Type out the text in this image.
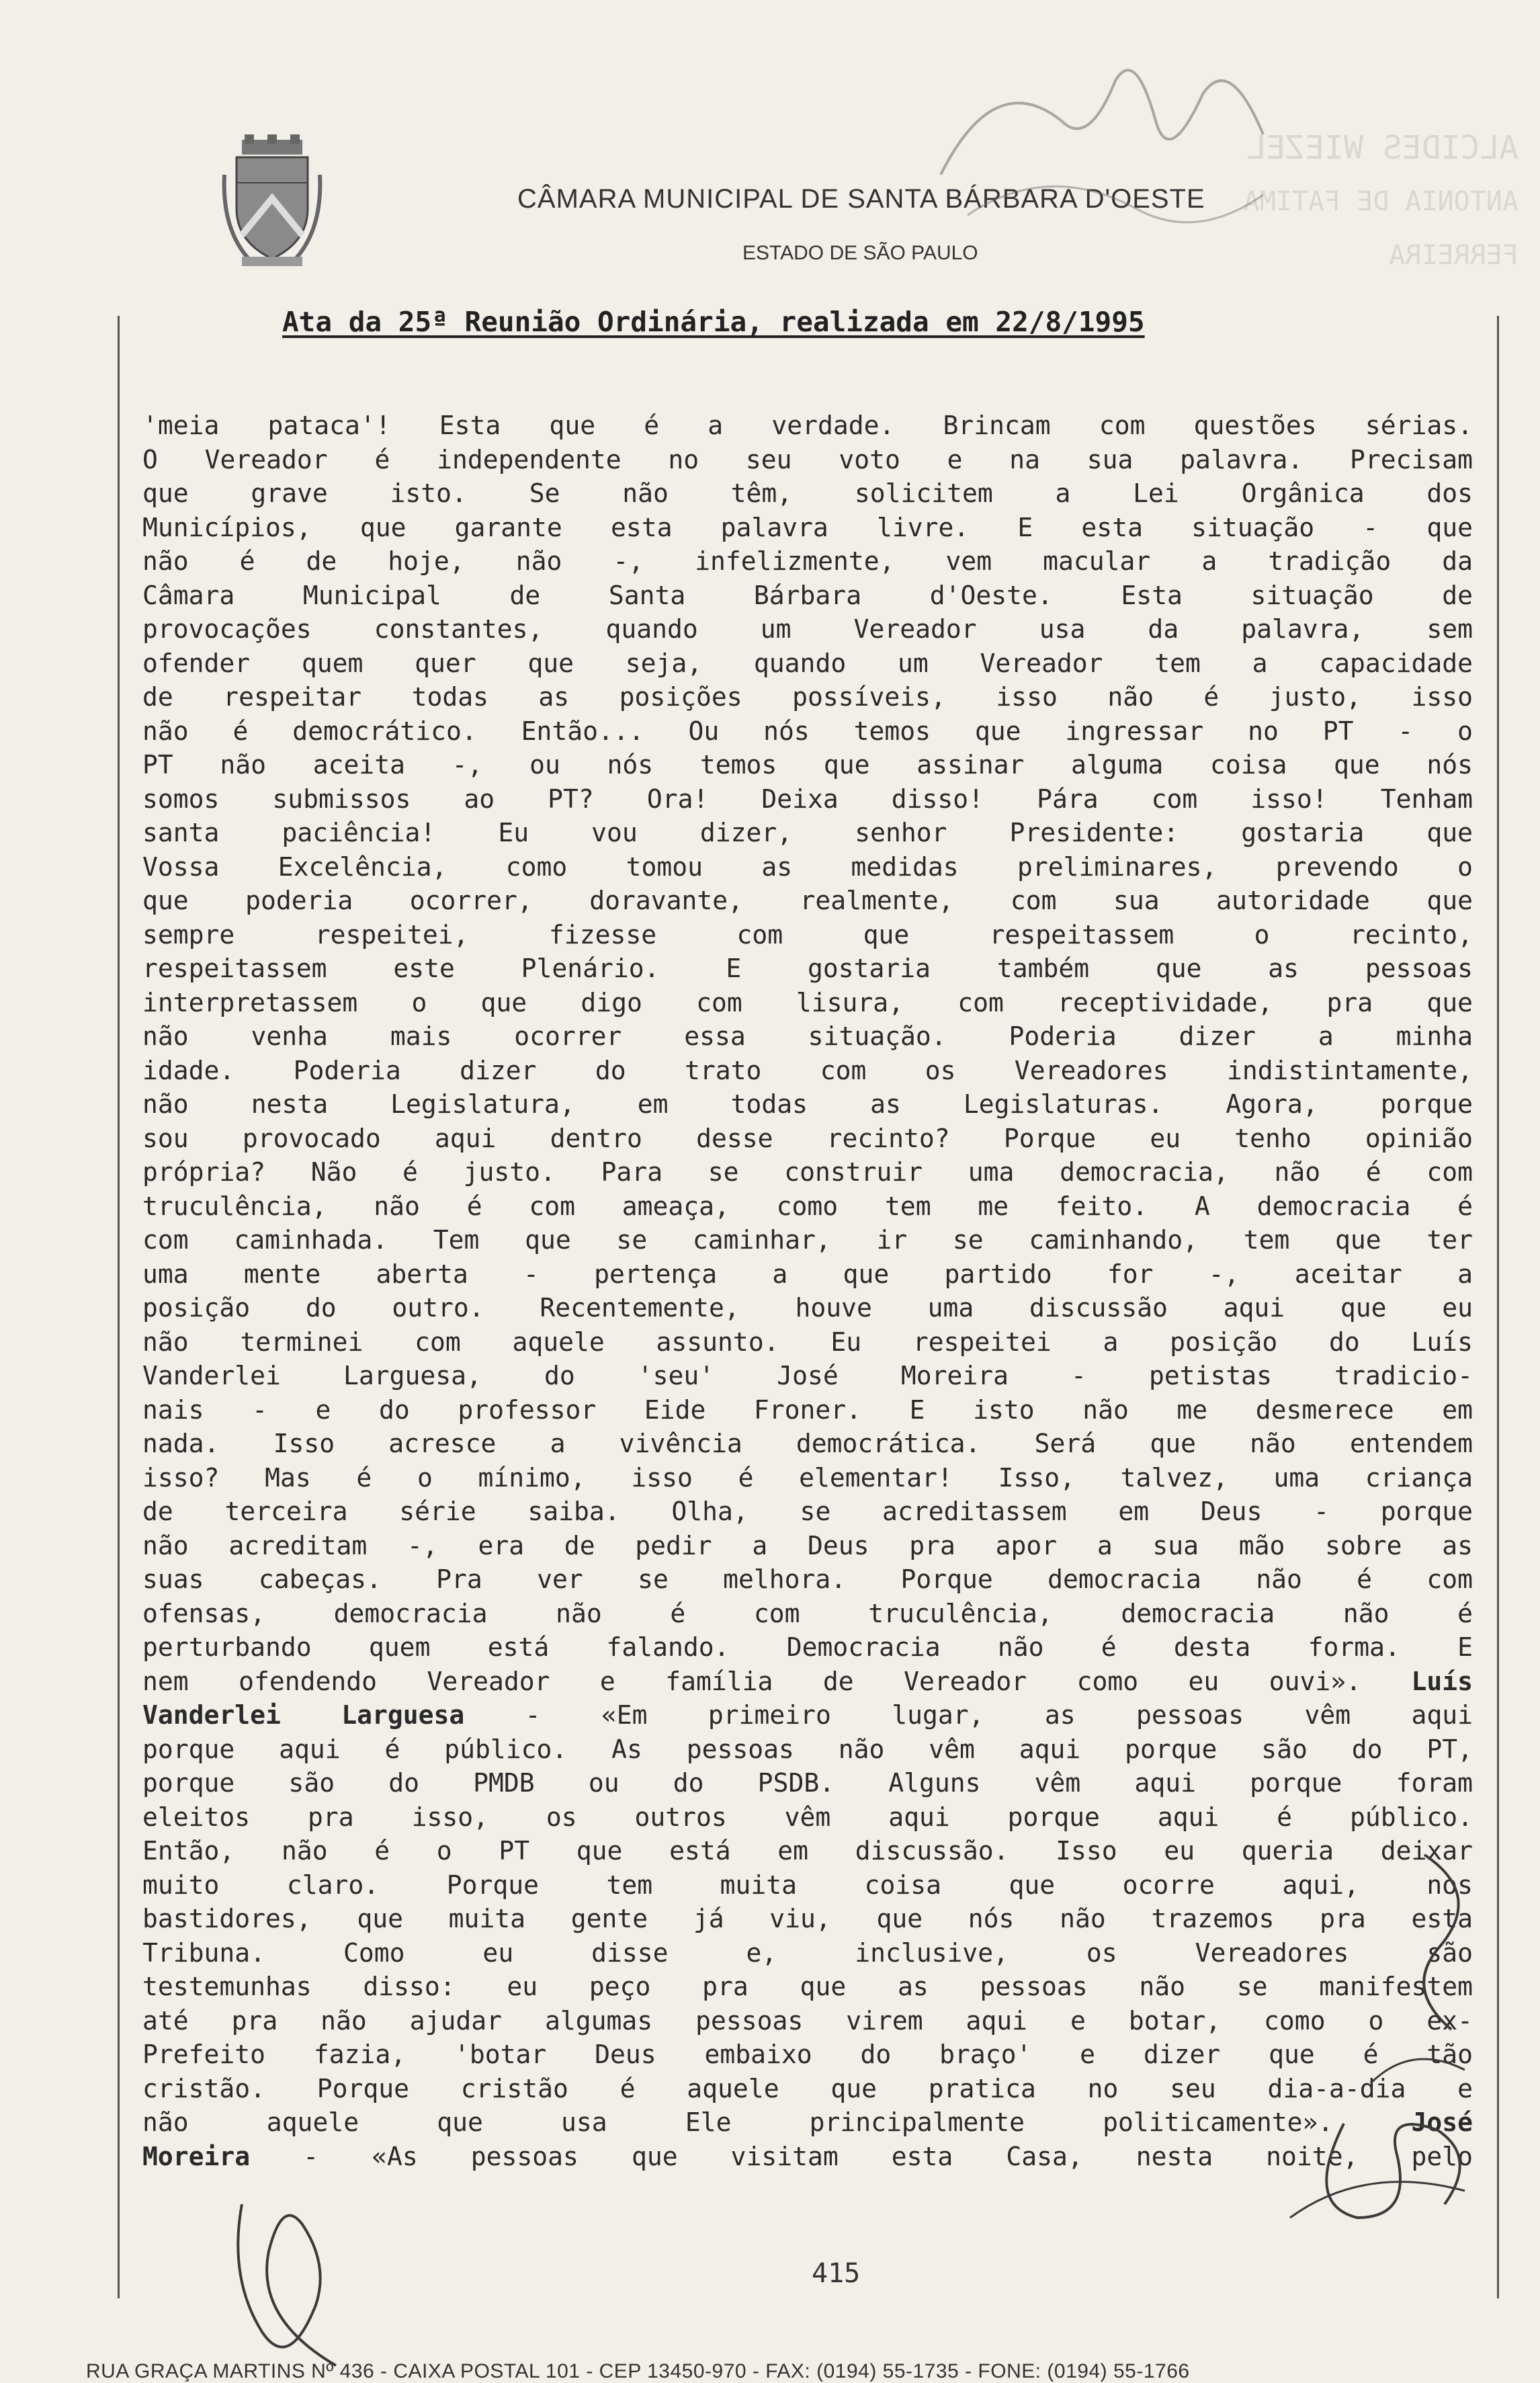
ALCIDES WIEZEL
ANTONIA DE FATIMA FERREIRA
CÂMARA MUNICIPAL DE SANTA BÁRBARA D'OESTE
ESTADO DE SÃO PAULO
Ata da 25ª Reunião Ordinária, realizada em 22/8/1995
'meia pataca'! Esta que é a verdade. Brincam com questões sérias.
O Vereador é independente no seu voto e na sua palavra. Precisam
que grave isto. Se não têm, solicitem a Lei Orgânica dos
Municípios, que garante esta palavra livre. E esta situação - que
não é de hoje, não -, infelizmente, vem macular a tradição da
Câmara Municipal de Santa Bárbara d'Oeste. Esta situação de
provocações constantes, quando um Vereador usa da palavra, sem
ofender quem quer que seja, quando um Vereador tem a capacidade
de respeitar todas as posições possíveis, isso não é justo, isso
não é democrático. Então... Ou nós temos que ingressar no PT - o
PT não aceita -, ou nós temos que assinar alguma coisa que nós
somos submissos ao PT? Ora! Deixa disso! Pára com isso! Tenham
santa paciência! Eu vou dizer, senhor Presidente: gostaria que
Vossa Excelência, como tomou as medidas preliminares, prevendo o
que poderia ocorrer, doravante, realmente, com sua autoridade que
sempre respeitei, fizesse com que respeitassem o recinto,
respeitassem este Plenário. E gostaria também que as pessoas
interpretassem o que digo com lisura, com receptividade, pra que
não venha mais ocorrer essa situação. Poderia dizer a minha
idade. Poderia dizer do trato com os Vereadores indistintamente,
não nesta Legislatura, em todas as Legislaturas. Agora, porque
sou provocado aqui dentro desse recinto? Porque eu tenho opinião
própria? Não é justo. Para se construir uma democracia, não é com
truculência, não é com ameaça, como tem me feito. A democracia é
com caminhada. Tem que se caminhar, ir se caminhando, tem que ter
uma mente aberta - pertença a que partido for -, aceitar a
posição do outro. Recentemente, houve uma discussão aqui que eu
não terminei com aquele assunto. Eu respeitei a posição do Luís
Vanderlei Larguesa, do 'seu' José Moreira - petistas tradicio-
nais - e do professor Eide Froner. E isto não me desmerece em
nada. Isso acresce a vivência democrática. Será que não entendem
isso? Mas é o mínimo, isso é elementar! Isso, talvez, uma criança
de terceira série saiba. Olha, se acreditassem em Deus - porque
não acreditam -, era de pedir a Deus pra apor a sua mão sobre as
suas cabeças. Pra ver se melhora. Porque democracia não é com
ofensas, democracia não é com truculência, democracia não é
perturbando quem está falando. Democracia não é desta forma. E
nem ofendendo Vereador e família de Vereador como eu ouvi». Luís
Vanderlei Larguesa - «Em primeiro lugar, as pessoas vêm aqui
porque aqui é público. As pessoas não vêm aqui porque são do PT,
porque são do PMDB ou do PSDB. Alguns vêm aqui porque foram
eleitos pra isso, os outros vêm aqui porque aqui é público.
Então, não é o PT que está em discussão. Isso eu queria deixar
muito claro. Porque tem muita coisa que ocorre aqui, nos
bastidores, que muita gente já viu, que nós não trazemos pra esta
Tribuna. Como eu disse e, inclusive, os Vereadores são
testemunhas disso: eu peço pra que as pessoas não se manifestem
até pra não ajudar algumas pessoas virem aqui e botar, como o ex-
Prefeito fazia, 'botar Deus embaixo do braço' e dizer que é tão
cristão. Porque cristão é aquele que pratica no seu dia-a-dia e
não aquele que usa Ele principalmente politicamente». José
Moreira - «As pessoas que visitam esta Casa, nesta noite, pelo
415
RUA GRAÇA MARTINS Nº 436 - CAIXA POSTAL 101 - CEP 13450-970 - FAX: (0194) 55-1735 - FONE: (0194) 55-1766
